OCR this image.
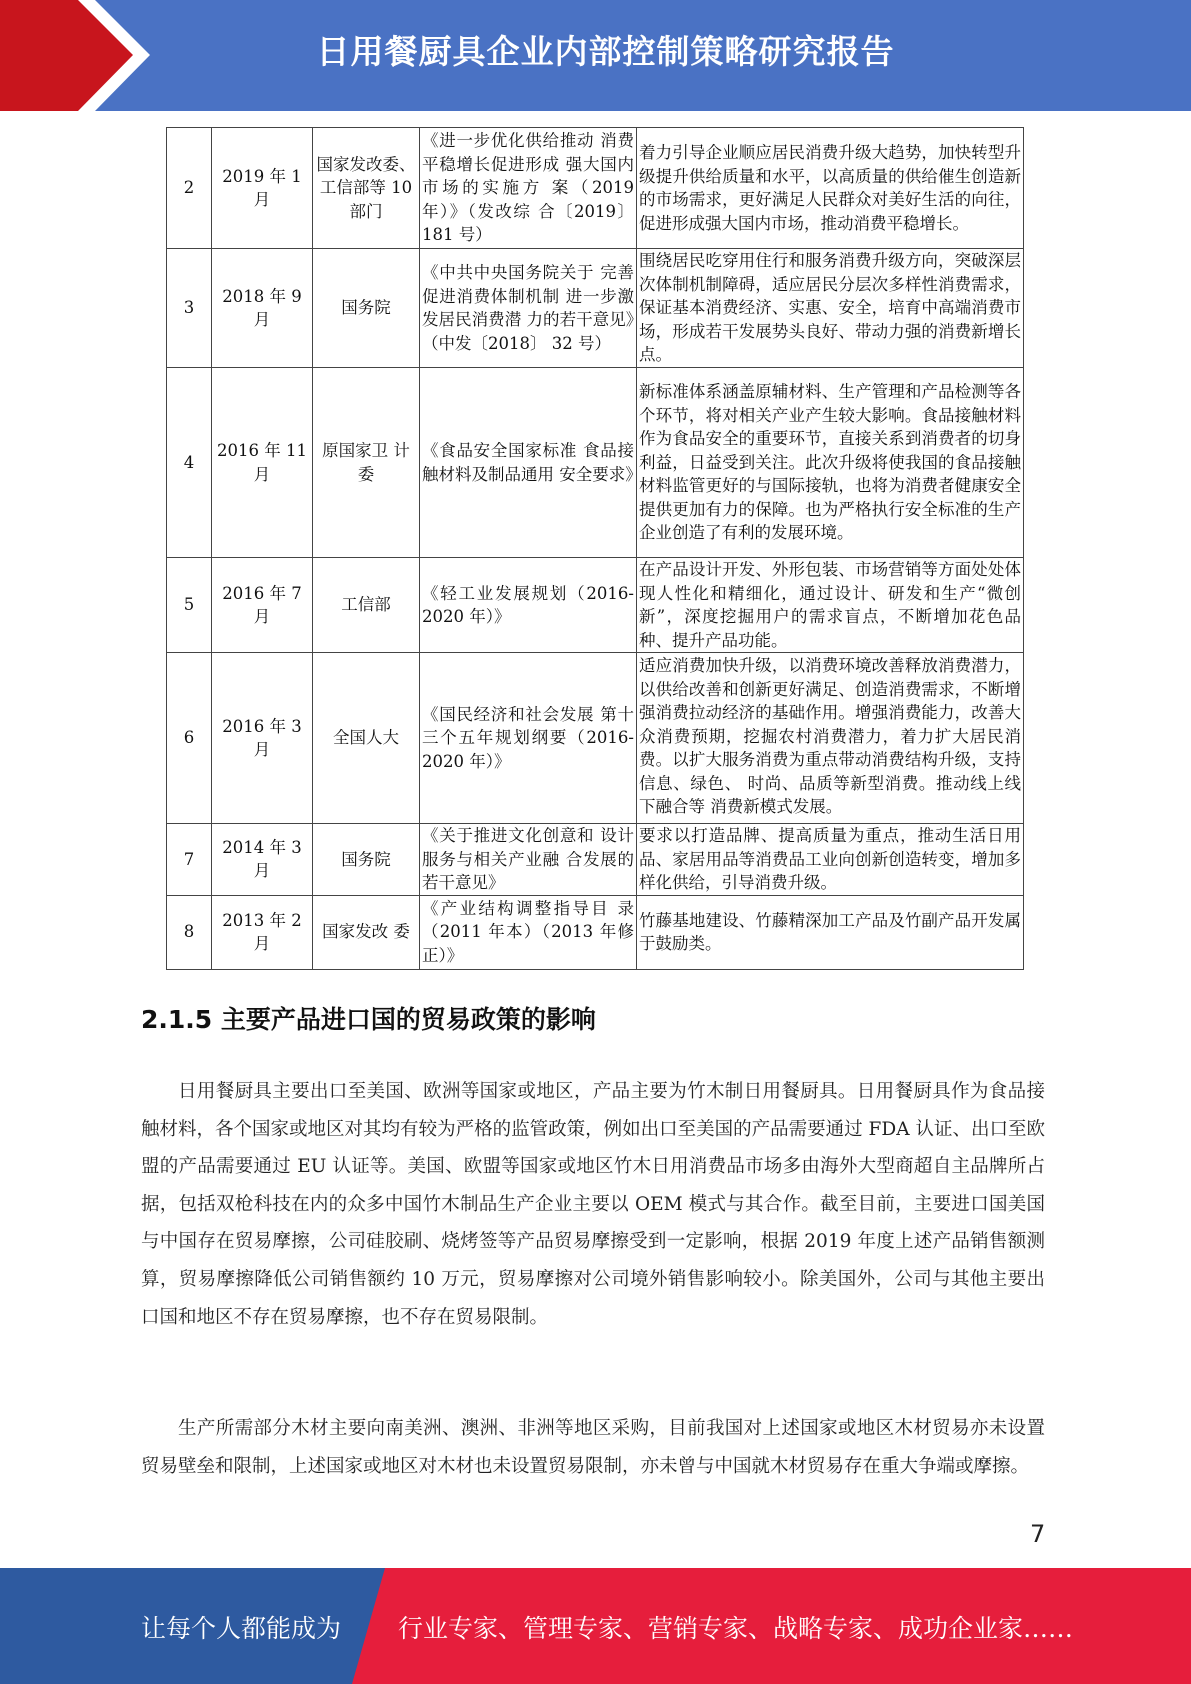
日用餐厨具企业内部控制策略研究报告
2	2019 年 1 月	国家发改委、工信部等 10 部门	《进一步优化供给推动 消费平稳增长促进形成 强大国内市场的实施方 案（2019 年）》（发改综 合〔2019〕 181 号）	着力引导企业顺应居民消费升级大趋势，加快转型升级提升供给质量和水平，以高质量的供给催生创造新的市场需求，更好满足人民群众对美好生活的向往，促进形成强大国内市场，推动消费平稳增长。
3	2018 年 9 月	国务院	《中共中央国务院关于 完善促进消费体制机制 进一步激发居民消费潜 力的若干意见》（中发〔2018〕 32 号）	围绕居民吃穿用住行和服务消费升级方向，突破深层次体制机制障碍，适应居民分层次多样性消费需求，保证基本消费经济、实惠、安全，培育中高端消费市场，形成若干发展势头良好、带动力强的消费新增长点。
4	2016 年 11 月	原国家卫 计委	《食品安全国家标准 食品接触材料及制品通用 安全要求》	新标准体系涵盖原辅材料、生产管理和产品检测等各个环节，将对相关产业产生较大影响。食品接触材料作为食品安全的重要环节，直接关系到消费者的切身利益，日益受到关注。此次升级将使我国的食品接触材料监管更好的与国际接轨，也将为消费者健康安全提供更加有力的保障。也为严格执行安全标准的生产企业创造了有利的发展环境。
5	2016 年 7 月	工信部	《轻工业发展规划（2016-2020 年）》	在产品设计开发、外形包装、市场营销等方面处处体现人性化和精细化，通过设计、研发和生产“微创新”，深度挖掘用户的需求盲点，不断增加花色品种、提升产品功能。
6	2016 年 3 月	全国人大	《国民经济和社会发展 第十三个五年规划纲要（2016-2020 年）》	适应消费加快升级，以消费环境改善释放消费潜力，以供给改善和创新更好满足、创造消费需求，不断增强消费拉动经济的基础作用。增强消费能力，改善大众消费预期，挖掘农村消费潜力，着力扩大居民消费。以扩大服务消费为重点带动消费结构升级，支持信息、绿色、 时尚、品质等新型消费。推动线上线下融合等 消费新模式发展。

7	2014 年 3 月	国务院	《关于推进文化创意和 设计服务与相关产业融 合发展的若干意见》	要求以打造品牌、提高质量为重点，推动生活日用品、家居用品等消费品工业向创新创造转变，增加多样化供给，引导消费升级。
8	2013 年 2 月	国家发改 委	《产业结构调整指导目 录（2011 年本）（2013 年修正）》	竹藤基地建设、竹藤精深加工产品及竹副产品开发属于鼓励类。
2.1.5 主要产品进口国的贸易政策的影响

日用餐厨具主要出口至美国、欧洲等国家或地区，产品主要为竹木制日用餐厨具。日用餐厨具作为食品接触材料，各个国家或地区对其均有较为严格的监管政策，例如出口至美国的产品需要通过 FDA 认证、出口至欧盟的产品需要通过 EU 认证等。美国、欧盟等国家或地区竹木日用消费品市场多由海外大型商超自主品牌所占据，包括双枪科技在内的众多中国竹木制品生产企业主要以 OEM 模式与其合作。截至目前，主要进口国美国与中国存在贸易摩擦，公司硅胶刷、烧烤签等产品贸易摩擦受到一定影响，根据 2019 年度上述产品销售额测算，贸易摩擦降低公司销售额约 10 万元，贸易摩擦对公司境外销售影响较小。除美国外，公司与其他主要出口国和地区不存在贸易摩擦，也不存在贸易限制。

生产所需部分木材主要向南美洲、澳洲、非洲等地区采购，目前我国对上述国家或地区木材贸易亦未设置贸易壁垒和限制，上述国家或地区对木材也未设置贸易限制，亦未曾与中国就木材贸易存在重大争端或摩擦。

7
让每个人都能成为 行业专家、管理专家、营销专家、战略专家、成功企业家……
